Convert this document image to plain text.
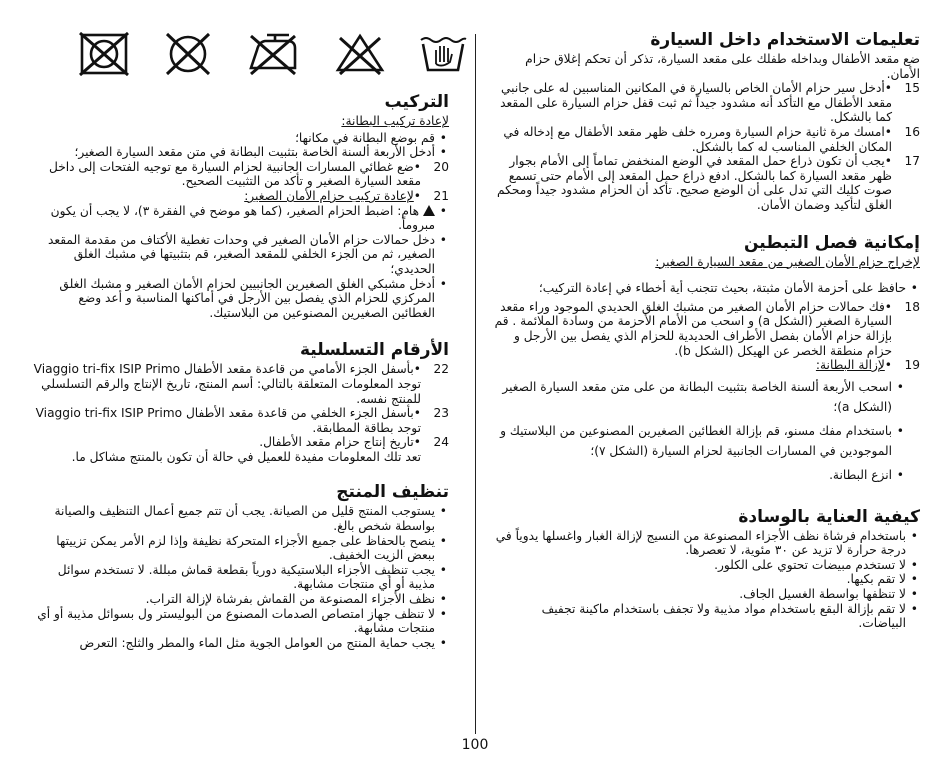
تعليمات الاستخدام داخل السيارة

ضع مقعد الأطفال وبداخله طفلك على مقعد السيارة، تذكر أن تحكم إغلاق حزام الأمان.

15
•أدخل سير حزام الأمان الخاص بالسيارة في المكانين المناسبين له على جانبي مقعد الأطفال مع التأكد أنه مشدود جيداً ثم ثبت قفل حزام السيارة على المقعد كما بالشكل.
16
•امسك مرة ثانية حزام السيارة ومرره خلف ظهر مقعد الأطفال مع إدخاله في المكان الخلفي المناسب له كما بالشكل.
17
•يجب أن تكون ذراع حمل المقعد في الوضع المنخفض تماماً إلى الأمام بجوار ظهر مقعد السيارة كما بالشكل. ادفع ذراع حمل المقعد إلى الأمام حتى تسمع صوت كليك التي تدل على أن الوضع صحيح. تأكد أن الحزام مشدود جيداً ومحكم الغلق لتأكيد وضمان الأمان.
إمكانية فصل التبطين

لإخراج حزام الأمان الصغير من مقعد السيارة الصغير:

• حافظ على أحزمة الأمان مثبتة، بحيث تتجنب أية أخطاء في إعادة التركيب؛
18
•فك حمالات حزام الأمان الصغير من مشبك الغلق الحديدي الموجود وراء مقعد السيارة الصغير (الشكل a) و اسحب من الأمام الأحزمة من وسادة الملائمة . قم بإزالة حزام الأمان بفصل الأطراف الحديدية للحزام الذي يفصل بين الأرجل و حزام منطقة الخصر عن الهيكل (الشكل b).
19
•لإزالة البطانة:
• اسحب الأربعة ألسنة الخاصة بتثبيت البطانة من على متن مقعد السيارة الصغير (الشكل a)؛
• باستخدام مفك مسنو، قم بإزالة الغطائين الصغيرين المصنوعين من البلاستيك و الموجودين في المسارات الجانبية لحزام السيارة (الشكل ٧)؛
• انزع البطانة.
كيفية العناية بالوسادة
• باستخدام فرشاة نظف الأجزاء المصنوعة من النسيج لإزالة الغبار واغسلها يدوياً في درجة حرارة لا تزيد عن ٣٠ مئوية، لا تعصرها.
• لا تستخدم مبيضات تحتوي على الكلور.
• لا تقم بكيها.
• لا تنظفها بواسطة الغسيل الجاف.
• لا تقم بإزالة البقع باستخدام مواد مذيبة ولا تجفف باستخدام ماكينة تجفيف البياضات.
التركيب

لإعادة تركيب البطانة:

• قم بوضع البطانة في مكانها؛
• أدخل الأربعة ألسنة الخاصة بتثبيت البطانة في متن مقعد السيارة الصغير؛
20
•ضع غطائي المسارات الجانبية لحزام السيارة مع توجيه الفتحات إلى داخل مقعد السيارة الصغير و تأكد من التثبيت الصحيح.
21
•لإعادة تركيب حزام الأمان الصغير:
• هام: اضبط الحزام الصغير، (كما هو موضح في الفقرة ٣)، لا يجب أن يكون مبروماً.
• دخل حمالات حزام الأمان الصغير في وحدات تغطية الأكتاف من مقدمة المقعد الصغير، ثم من الجزء الخلفي للمقعد الصغير، قم بتثبيتها في مشبك الغلق الحديدي؛
• أدخل مشبكي الغلق الصغيرين الجانبيين لحزام الأمان الصغير و مشبك الغلق المركزي للحزام الذي يفصل بين الأرجل في أماكنها المناسبة و أعد وضع الغطائين الصغيرين المصنوعين من البلاستيك.
الأرقام التسلسلية
22
•بأسفل الجزء الأمامي من قاعدة مقعد الأطفال Viaggio tri-fix ISIP Primo توجد المعلومات المتعلقة بالتالي: أسم المنتج، تاريخ الإنتاج والرقم التسلسلي للمنتج نفسه.
23
•بأسفل الجزء الخلفي من قاعدة مقعد الأطفال Viaggio tri-fix ISIP Primo توجد بطاقة المطابقة.
24
•تاريخ إنتاج حزام مقعد الأطفال.

تعد تلك المعلومات مفيدة للعميل في حالة أن تكون بالمنتج مشاكل ما.

تنظيف المنتج
• يستوجب المنتج قليل من الصيانة. يجب أن تتم جميع أعمال التنظيف والصيانة بواسطة شخص بالغ.
• ينصح بالحفاظ على جميع الأجزاء المتحركة نظيفة وإذا لزم الأمر يمكن تزييتها ببعض الزيت الخفيف.
• يجب تنظيف الأجزاء البلاستيكية دورياً بقطعة قماش مبللة. لا تستخدم سوائل مذيبة أو أي منتجات مشابهة.
• نظف الأجزاء المصنوعة من القماش بفرشاة لإزالة التراب.
• لا تنظف جهاز امتصاص الصدمات المصنوع من البوليستر ول بسوائل مذيبة أو أي منتجات مشابهة.
• يجب حماية المنتج من العوامل الجوية مثل الماء والمطر والثلج: التعرض
100
